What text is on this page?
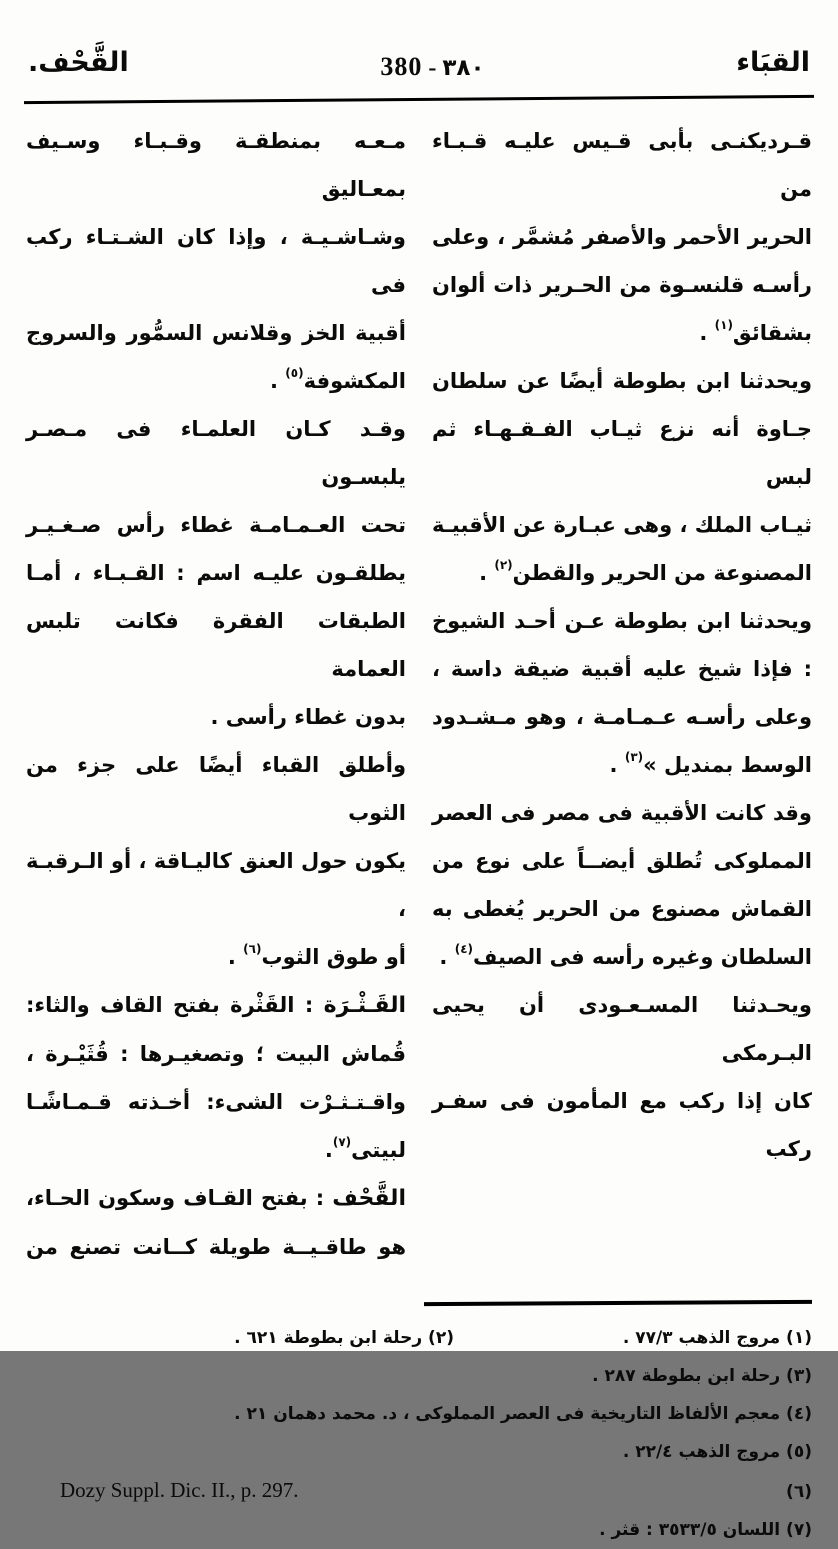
القَّحْف.	380 - ٣٨٠	القبَاء
قـرديكنـى بأبى قـيس عليـه قـبـاء من
الحرير الأحمر والأصفر مُشمَّر ، وعلى
رأسـه قلنسـوة من الحـرير ذات ألوان
بشقائق$^{(١)}$ .
ويحدثنا ابن بطوطة أيضًا عن سلطان
جـاوة أنه نزع ثيـاب الفـقـهـاء ثم لبس
ثيـاب الملك ، وهى عبـارة عن الأقبيـة
المصنوعة من الحرير والقطن$^{(٢)}$ .
ويحدثنا ابن بطوطة عـن أحـد الشيوخ
: فإذا شيخ عليه أقبية ضيقة داسة ،
وعلى رأسـه عـمـامـة ، وهو مـشـدود
الوسط بمنديل »$^{(٣)}$ .
وقد كانت الأقبية فى مصر فى العصر
المملوكى تُطلق أيضــاً على نوع من
القماش مصنوع من الحرير يُغطى به
السلطان وغيره رأسه فى الصيف$^{(٤)}$ .
ويحـدثنا المسـعـودى أن يحيى البـرمكى
كان إذا ركب مع المأمون فى سفـر ركب
مـعـه بمنطقـة وقـبـاء وسـيف بمعـاليق
وشـاشـيـة ، وإذا كان الشـتـاء ركب فى
أقبية الخز وقلانس السمُّور والسروج
المكشوفة$^{(٥)}$ .
وقـد كـان العلمـاء فى مـصـر يلبسـون
تحت العـمـامـة غطاء رأس صـغـيـر
يطلقـون عليـه اسم : القـبـاء ، أمـا
الطبقات الفقرة فكانت تلبس العمامة
بدون غطاء رأسى .
وأطلق القباء أيضًا على جزء من الثوب
يكون حول العنق كاليـاقة ، أو الـرقبـة ،
أو طوق الثوب$^{(٦)}$ .
القَـثْـرَة : القَثْرة بفتح القاف والثاء:
قُماش البيت ؛ وتصغيـرها : قُثَيْـرة ،
واقـتـثـرْت الشىء: أخـذته قـمـاشًـا
لبيتى$^{(٧)}$.
القَّحْف : بفتح القـاف وسكون الحـاء،
هو طاقـيــة طويلة كــانت تصنع من
(١) مروج الذهب ٧٧/٣ .
(٢) رحلة ابن بطوطة ٦٢١ .
(٣) رحلة ابن بطوطة ٢٨٧ .
(٤) معجم الألفاظ التاريخية فى العصر المملوكى ، د. محمد دهمان ٢١ .
(٥) مروج الذهب ٢٢/٤ .
(٦)
Dozy Suppl. Dic. II., p. 297.
(٧) اللسان ٣٥٣٣/٥ : قثر .
